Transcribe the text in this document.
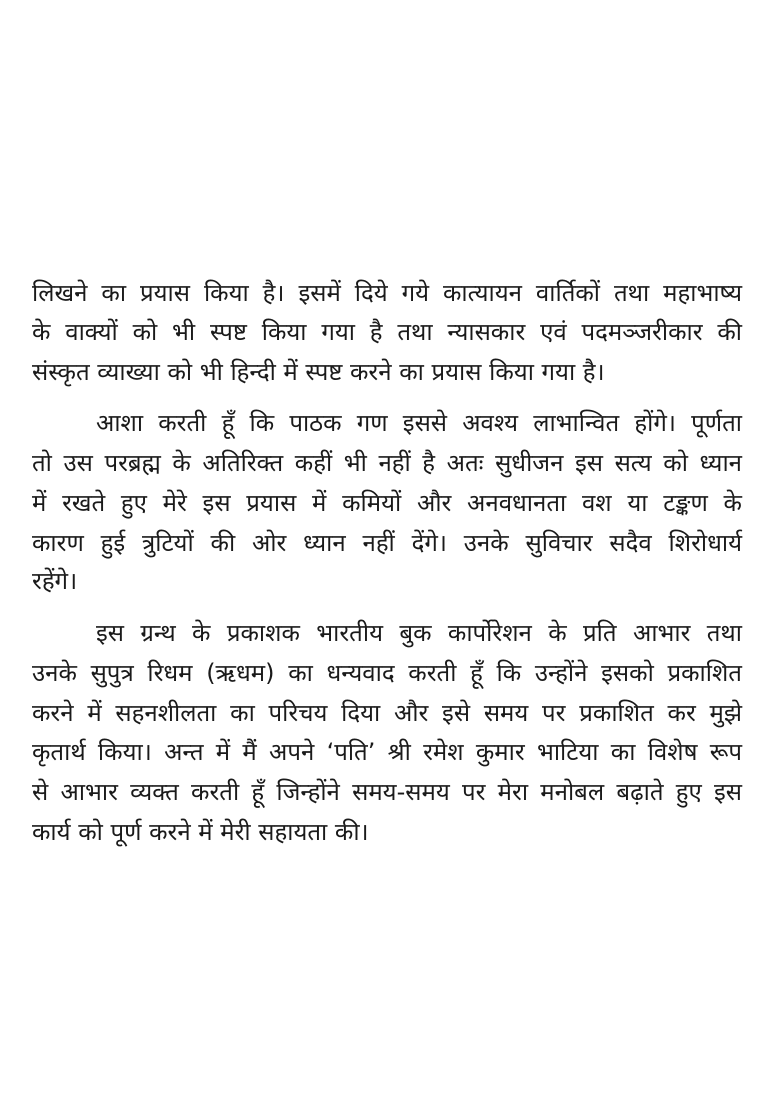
लिखने का प्रयास किया है। इसमें दिये गये कात्यायन वार्तिकों तथा महाभाष्य
के वाक्यों को भी स्पष्ट किया गया है तथा न्यासकार एवं पदमञ्जरीकार की
संस्कृत व्याख्या को भी हिन्दी में स्पष्ट करने का प्रयास किया गया है।
आशा करती हूँ कि पाठक गण इससे अवश्य लाभान्वित होंगे। पूर्णता
तो उस परब्रह्म के अतिरिक्त कहीं भी नहीं है अतः सुधीजन इस सत्य को ध्यान
में रखते हुए मेरे इस प्रयास में कमियों और अनवधानता वश या टङ्कण के
कारण हुई त्रुटियों की ओर ध्यान नहीं देंगे। उनके सुविचार सदैव शिरोधार्य
रहेंगे।
इस ग्रन्थ के प्रकाशक भारतीय बुक कार्पोरेशन के प्रति आभार तथा
उनके सुपुत्र रिधम (ऋधम) का धन्यवाद करती हूँ कि उन्होंने इसको प्रकाशित
करने में सहनशीलता का परिचय दिया और इसे समय पर प्रकाशित कर मुझे
कृतार्थ किया। अन्त में मैं अपने ‘पति’ श्री रमेश कुमार भाटिया का विशेष रूप
से आभार व्यक्त करती हूँ जिन्होंने समय-समय पर मेरा मनोबल बढ़ाते हुए इस
कार्य को पूर्ण करने में मेरी सहायता की।
